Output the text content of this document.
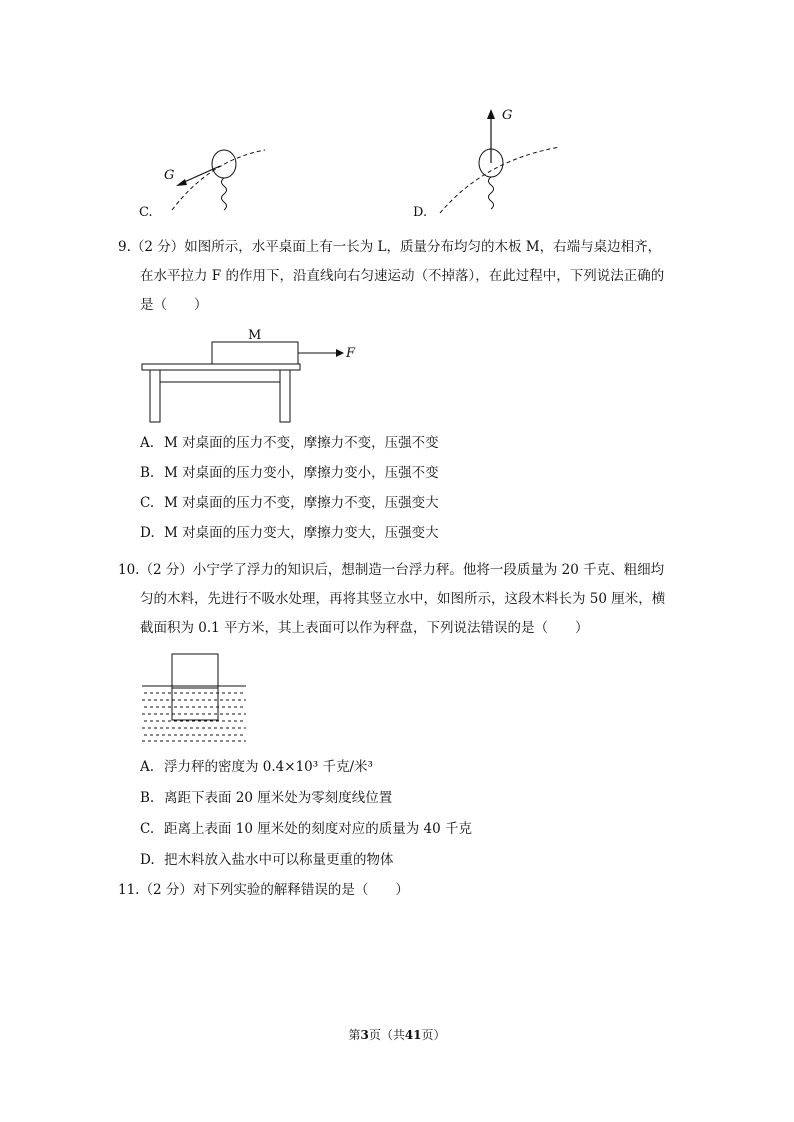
G
C.
G
D.
9.（2 分）如图所示，水平桌面上有一长为 L，质量分布均匀的木板 M，右端与桌边相齐，
在水平拉力 F 的作用下，沿直线向右匀速运动（不掉落），在此过程中，下列说法正确的
是（　　）
M
F
A. M 对桌面的压力不变，摩擦力不变，压强不变
B. M 对桌面的压力变小，摩擦力变小，压强不变
C. M 对桌面的压力不变，摩擦力不变，压强变大
D. M 对桌面的压力变大，摩擦力变大，压强变大
10.（2 分）小宁学了浮力的知识后，想制造一台浮力秤。他将一段质量为 20 千克、粗细均
匀的木料，先进行不吸水处理，再将其竖立水中，如图所示，这段木料长为 50 厘米，横
截面积为 0.1 平方米，其上表面可以作为秤盘，下列说法错误的是（　　）
A. 浮力秤的密度为 0.4×10³ 千克/米³
B. 离距下表面 20 厘米处为零刻度线位置
C. 距离上表面 10 厘米处的刻度对应的质量为 40 千克
D. 把木料放入盐水中可以称量更重的物体
11.（2 分）对下列实验的解释错误的是（　　）
第3页（共41页）
